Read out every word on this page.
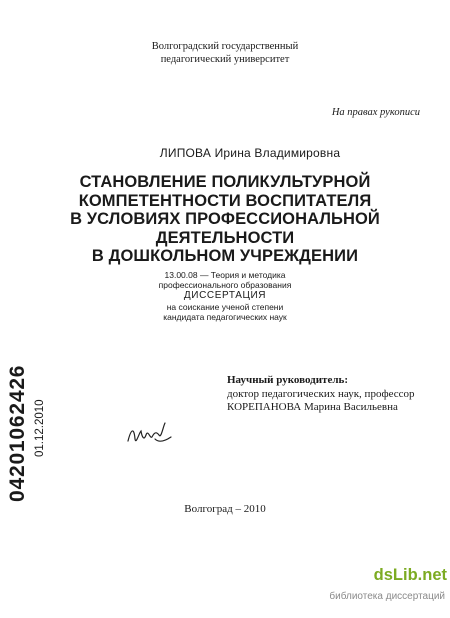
Волгоградский государственный
педагогический университет
На правах рукописи
ЛИПОВА Ирина Владимировна
СТАНОВЛЕНИЕ ПОЛИКУЛЬТУРНОЙ
КОМПЕТЕНТНОСТИ ВОСПИТАТЕЛЯ
В УСЛОВИЯХ ПРОФЕССИОНАЛЬНОЙ
ДЕЯТЕЛЬНОСТИ
В ДОШКОЛЬНОМ УЧРЕЖДЕНИИ
13.00.08 — Теория и методика
профессионального образования
ДИССЕРТАЦИЯ
на соискание ученой степени
кандидата педагогических наук
Научный руководитель:
доктор педагогических наук, профессор
КОРЕПАНОВА Марина Васильевна
Волгоград – 2010
04201062426 01.12.2010
dsLib.net
библиотека диссертаций
